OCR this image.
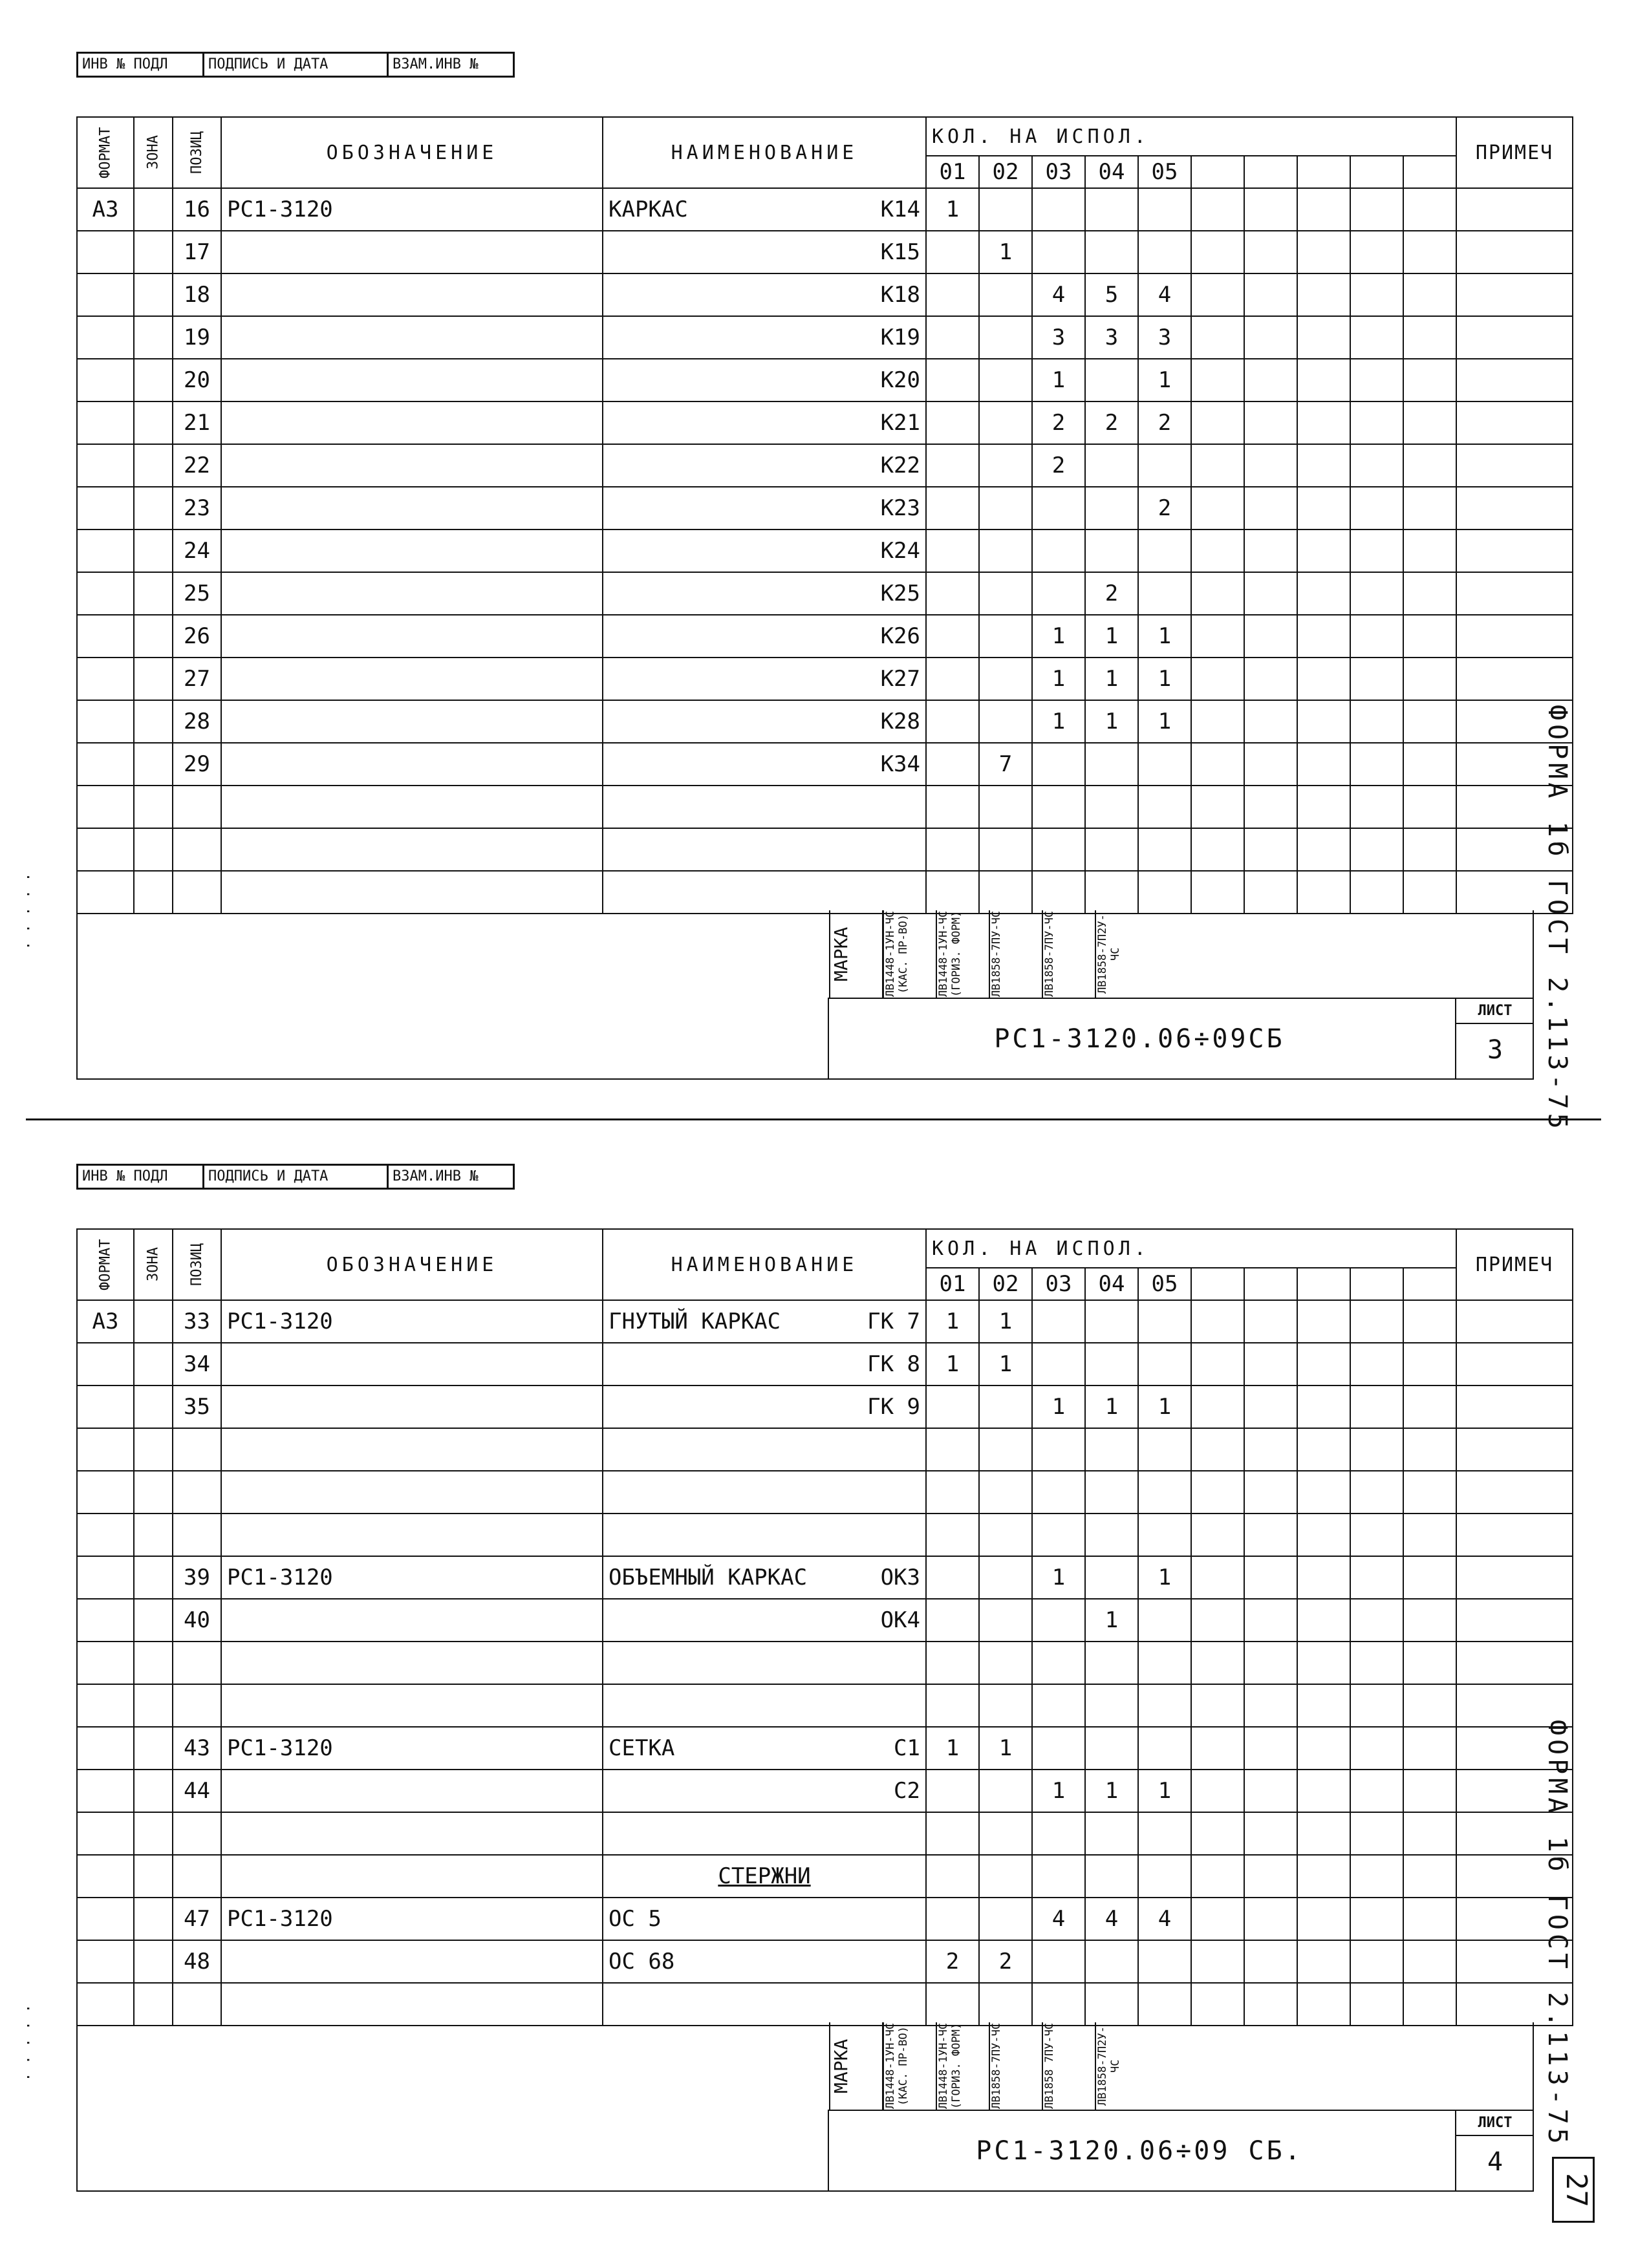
ИНВ № ПОДЛ	ПОДПИСЬ И ДАТА	ВЗАМ.ИНВ №
ФОРМАТ	ЗОНА	ПОЗИЦ	ОБОЗНАЧЕНИЕ	НАИМЕНОВАНИЕ	КОЛ. НА ИСПОЛ.										ПРИМЕЧ
					01	02	03	04	05						
А3		16	РС1-3120	КАРКАС К14	1										
		17		К15		1									
		18		К18			4	5	4						
		19		К19			3	3	3						
		20		К20			1		1						
		21		К21			2	2	2						
		22		К22			2								
		23		К23					2						
		24		К24											

		25		К25				2							
		26		К26			1	1	1						
		27		К27			1	1	1						
		28		К28			1	1	1						
		29		К34		7									

МАРКА	ЛВ1448-1УН-ЧС (КАС. ПР-ВО)	ЛВ1448-1УН-ЧС (ГОРИЗ. ФОРМ)	ЛВ1858-7ПУ-ЧС	ЛВ1858-7ПУ-ЧС	ЛВ1858-7П2У-ЧС
РС1-3120.06÷09СБ
ЛИСТ
3	ФОРМА 1б ГОСТ 2.113-75
· · · · ·
ИНВ № ПОДЛ	ПОДПИСЬ И ДАТА	ВЗАМ.ИНВ №
ФОРМАТ	ЗОНА	ПОЗИЦ	ОБОЗНАЧЕНИЕ	НАИМЕНОВАНИЕ	КОЛ. НА ИСПОЛ.										ПРИМЕЧ
					01	02	03	04	05						
А3		33	РС1-3120	ГНУТЫЙ КАРКАС ГК 7	1	1									
		34		ГК 8	1	1									
		35		ГК 9			1	1	1						

		39	РС1-3120	ОБЪЕМНЫЙ КАРКАС ОК3			1		1						
		40		ОК4				1							

		43	РС1-3120	СЕТКА С1	1	1									
		44		С2			1	1	1						

				СТЕРЖНИ											

		47	РС1-3120	ОС 5			4	4	4						
		48		ОС 68	2	2									

МАРКА	ЛВ1448-1УН-ЧС (КАС. ПР-ВО)	ЛВ1448-1УН-ЧС (ГОРИЗ. ФОРМ)	ЛВ1858-7ПУ-ЧС	ЛВ1858 7ПУ-ЧС	ЛВ1858-7П2У-ЧС
РС1-3120.06÷09 СБ.
ЛИСТ
4
ФОРМА 1б ГОСТ 2.113-75
· · · · ·
27
